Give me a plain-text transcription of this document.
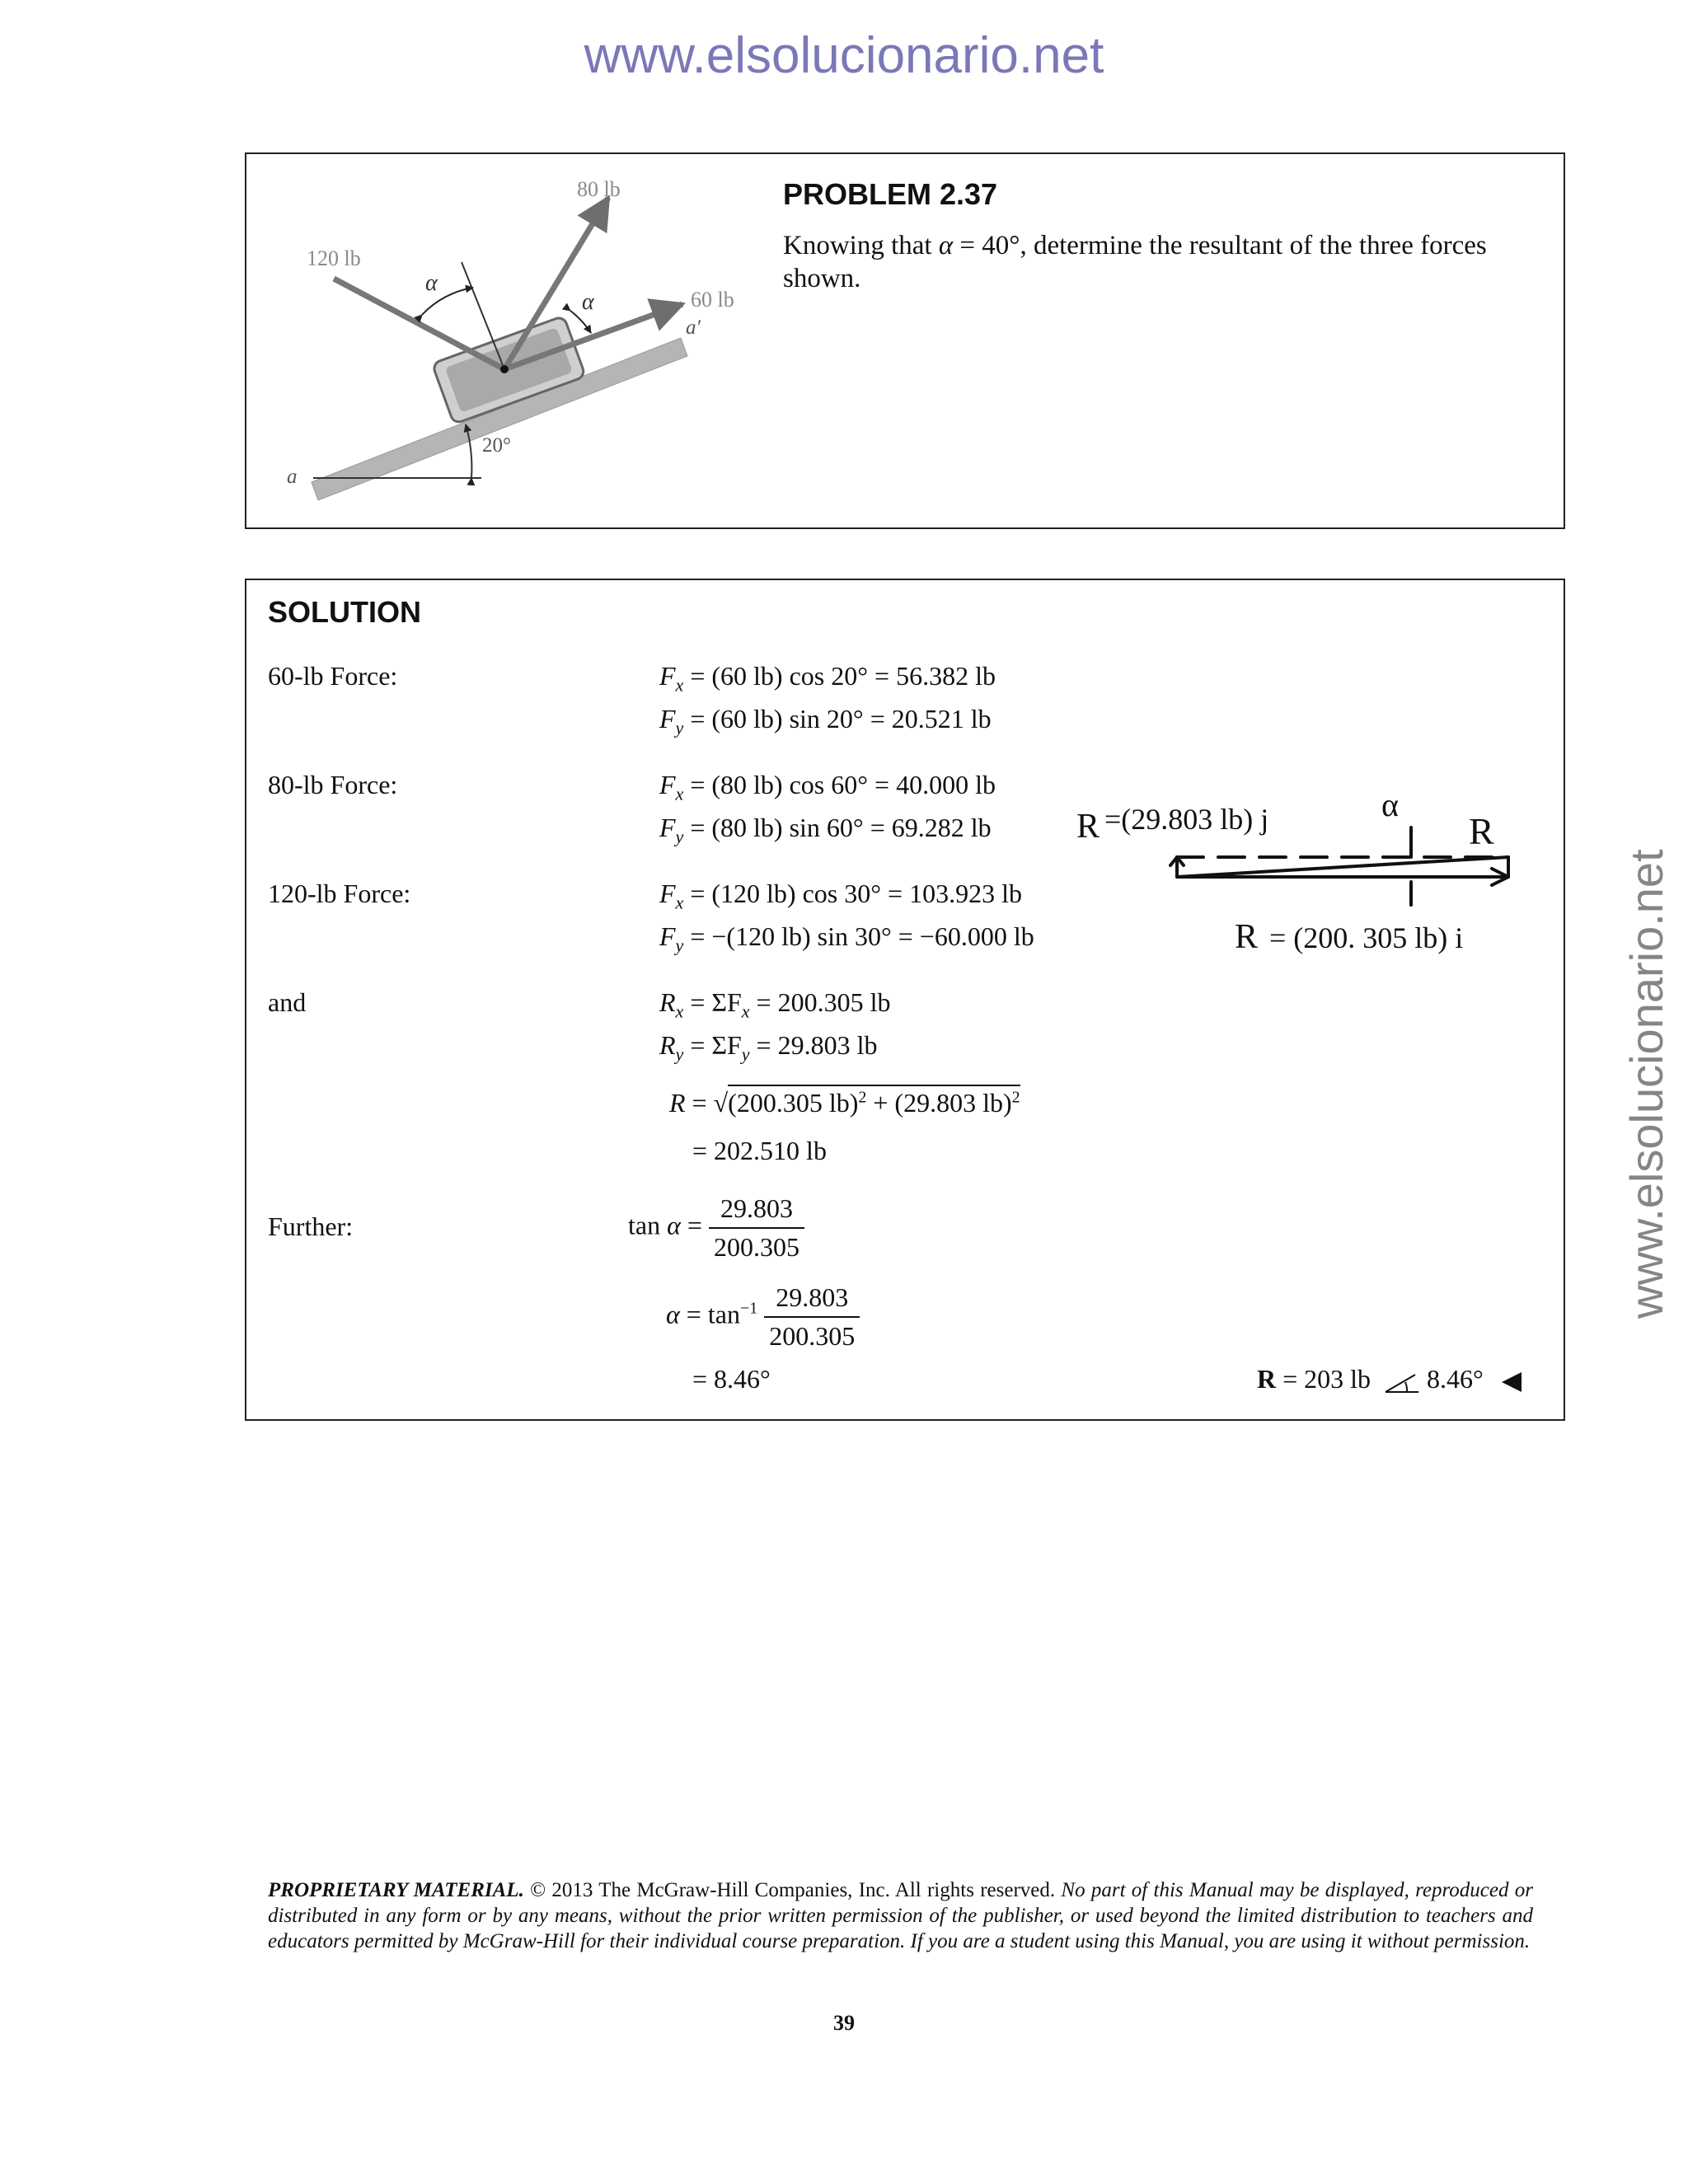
www.elsolucionario.net
www.elsolucionario.net
80 lb
120 lb
60 lb
α
α
a′
a
20°
PROBLEM 2.37
Knowing that α = 40°, determine the resultant of the three forces shown.
SOLUTION
60-lb Force:	$F_x = (60$ lb) cos 20° = 56.382 lb
$F_y = (60$ lb) sin 20° = 20.521 lb
80-lb Force:	$F_x = (80$ lb) cos 60° = 40.000 lb
$F_y = (80$ lb) sin 60° = 69.282 lb
120-lb Force:	$F_x = (120$ lb) cos 30° = 103.923 lb
$F_y = -(120$ lb) sin 30° = −60.000 lb
and	$R_x = \Sigma F_x = 200.305$ lb
$R_y = \Sigma F_y = 29.803$ lb
R = √(200.305 lb)$^2$ + (29.803 lb)$^2$
= 202.510 lb
Further:	$\tan \alpha = \frac{29.803}{200.305}$
$\alpha = \tan^{-1} \frac{29.803}{200.305}$
= 8.46°	R = 203 lb 8.46°
R =(29.803 lb) j	α
R
R = (200. 305 lb) i
PROPRIETARY MATERIAL. © 2013 The McGraw-Hill Companies, Inc. All rights reserved. No part of this Manual may be displayed, reproduced or distributed in any form or by any means, without the prior written permission of the publisher, or used beyond the limited distribution to teachers and educators permitted by McGraw-Hill for their individual course preparation. If you are a student using this Manual, you are using it without permission.
39
